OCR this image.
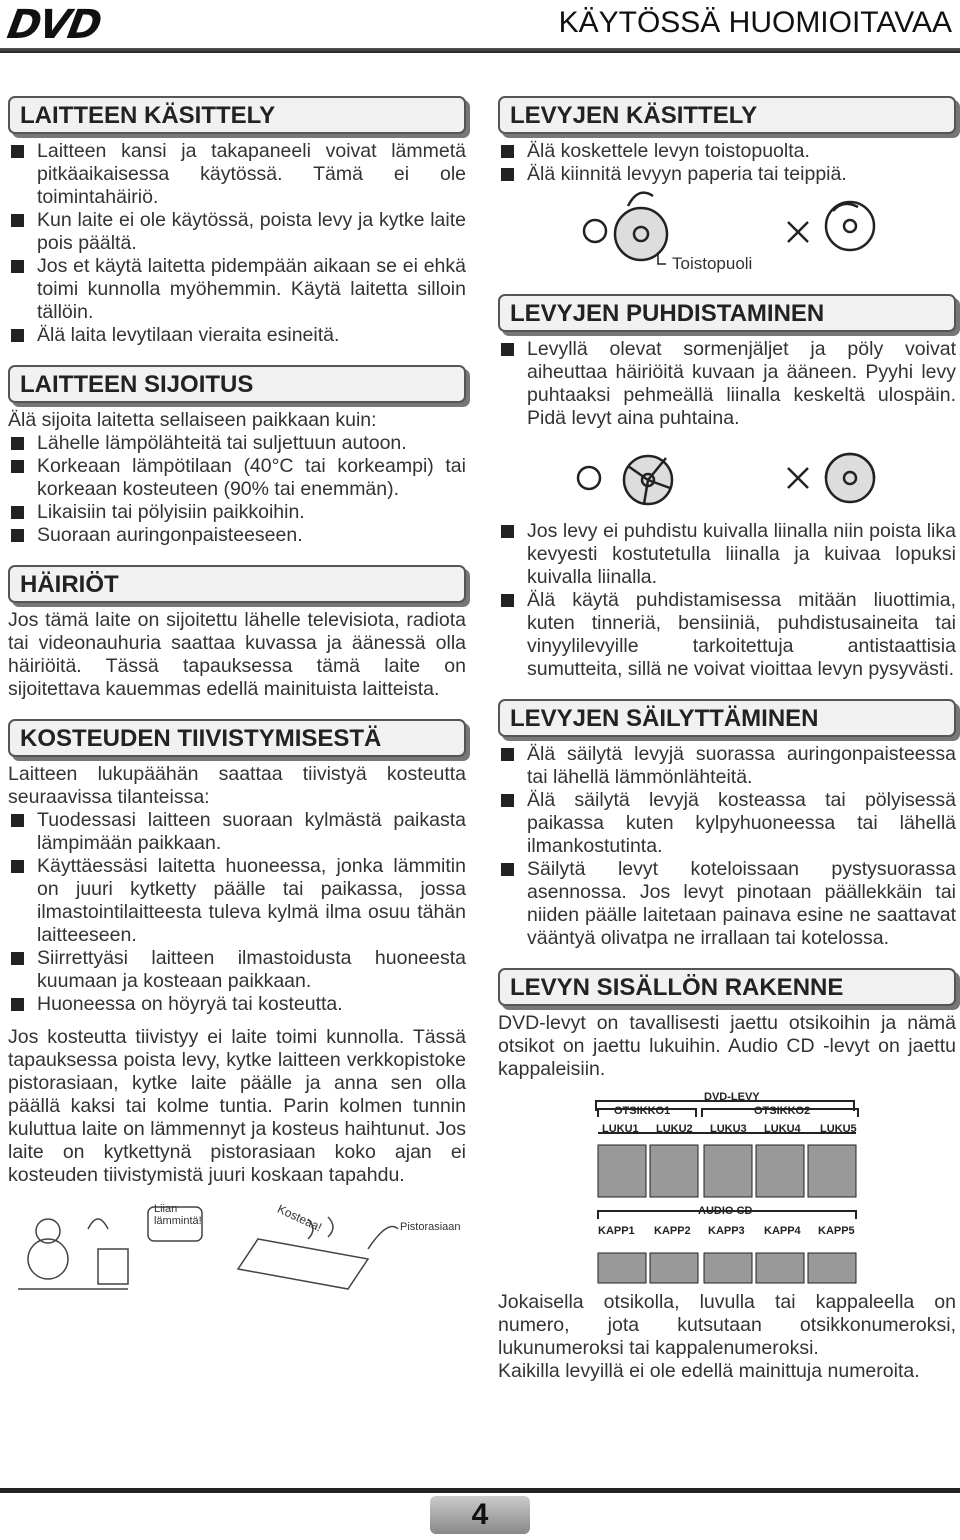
DVD	KÄYTÖSSÄ HUOMIOITAVAA
LAITTEEN KÄSITTELY

Laitteen kansi ja takapaneeli voivat lämmetä pitkäaikaisessa käytössä. Tämä ei ole toimintahäiriö.

Kun laite ei ole käytössä, poista levy ja kytke laite pois päältä.

Jos et käytä laitetta pidempään aikaan se ei ehkä toimi kunnolla myöhemmin. Käytä laitetta silloin tällöin.

Älä laita levytilaan vieraita esineitä.

LAITTEEN SIJOITUS

Älä sijoita laitetta sellaiseen paikkaan kuin:

Lähelle lämpölähteitä tai suljettuun autoon.

Korkeaan lämpötilaan (40°C tai korkeampi) tai korkeaan kosteuteen (90% tai enemmän).

Likaisiin tai pölyisiin paikkoihin.

Suoraan auringonpaisteeseen.

HÄIRIÖT

Jos tämä laite on sijoitettu lähelle televisiota, radiota tai videonauhuria saattaa kuvassa ja äänessä olla häiriöitä. Tässä tapauksessa tämä laite on sijoitettava kauemmas edellä mainituista laitteista.

KOSTEUDEN TIIVISTYMISESTÄ

Laitteen lukupäähän saattaa tiivistyä kosteutta seuraavissa tilanteissa:

Tuodessasi laitteen suoraan kylmästä paikasta lämpimään paikkaan.

Käyttäessäsi laitetta huoneessa, jonka lämmitin on juuri kytketty päälle tai paikassa, jossa ilmastointilaitteesta tuleva kylmä ilma osuu tähän laitteeseen.

Siirrettyäsi laitteen ilmastoidusta huoneesta kuumaan ja kosteaan paikkaan.

Huoneessa on höyryä tai kosteutta.

Jos kosteutta tiivistyy ei laite toimi kunnolla. Tässä tapauksessa poista levy, kytke laitteen verkkopistoke pistorasiaan, kytke laite päälle ja anna sen olla päällä kaksi tai kolme tuntia. Parin kolmen tunnin kuluttua laite on lämmennyt ja kosteus haihtunut. Jos laite on kytkettynä pistorasiaan koko ajan ei kosteuden tiivistymistä juuri koskaan tapahdu.

Liian lämmintä!	Kosteaa!	Pistorasiaan
LEVYJEN KÄSITTELY

Älä koskettele levyn toistopuolta.

Älä kiinnitä levyyn paperia tai teippiä.

Toistopuoli
LEVYJEN PUHDISTAMINEN

Levyllä olevat sormenjäljet ja pöly voivat aiheuttaa häiriöitä kuvaan ja ääneen. Pyyhi levy puhtaaksi pehmeällä liinalla keskeltä ulospäin. Pidä levyt aina puhtaina.

Jos levy ei puhdistu kuivalla liinalla niin poista lika kevyesti kostutetulla liinalla ja kuivaa lopuksi kuivalla liinalla.

Älä käytä puhdistamisessa mitään liuottimia, kuten tinneriä, bensiiniä, puhdistusaineita tai vinyylilevyille tarkoitettuja antistaattisia sumutteita, sillä ne voivat vioittaa levyn pysyvästi.

LEVYJEN SÄILYTTÄMINEN

Älä säilytä levyjä suorassa auringonpaisteessa tai lähellä lämmönlähteitä.

Älä säilytä levyjä kosteassa tai pölyisessä paikassa kuten kylpyhuoneessa tai lähellä ilmankostutinta.

Säilytä levyt koteloissaan pystysuorassa asennossa. Jos levyt pinotaan päällekkäin tai niiden päälle laitetaan painava esine ne saattavat vääntyä olivatpa ne irrallaan tai kotelossa.

LEVYN SISÄLLÖN RAKENNE

DVD-levyt on tavallisesti jaettu otsikoihin ja nämä otsikot on jaettu lukuihin. Audio CD -levyt on jaettu kappaleisiin.

DVD-LEVY
OTSIKKO1	OTSIKKO2
LUKU1 LUKU2 LUKU3 LUKU4 LUKU5
AUDIO CD
KAPP1 KAPP2 KAPP3 KAPP4 KAPP5

Jokaisella otsikolla, luvulla tai kappaleella on numero, jota kutsutaan otsikkonumeroksi, lukunumeroksi tai kappalenumeroksi.

Kaikilla levyillä ei ole edellä mainittuja numeroita.

4
